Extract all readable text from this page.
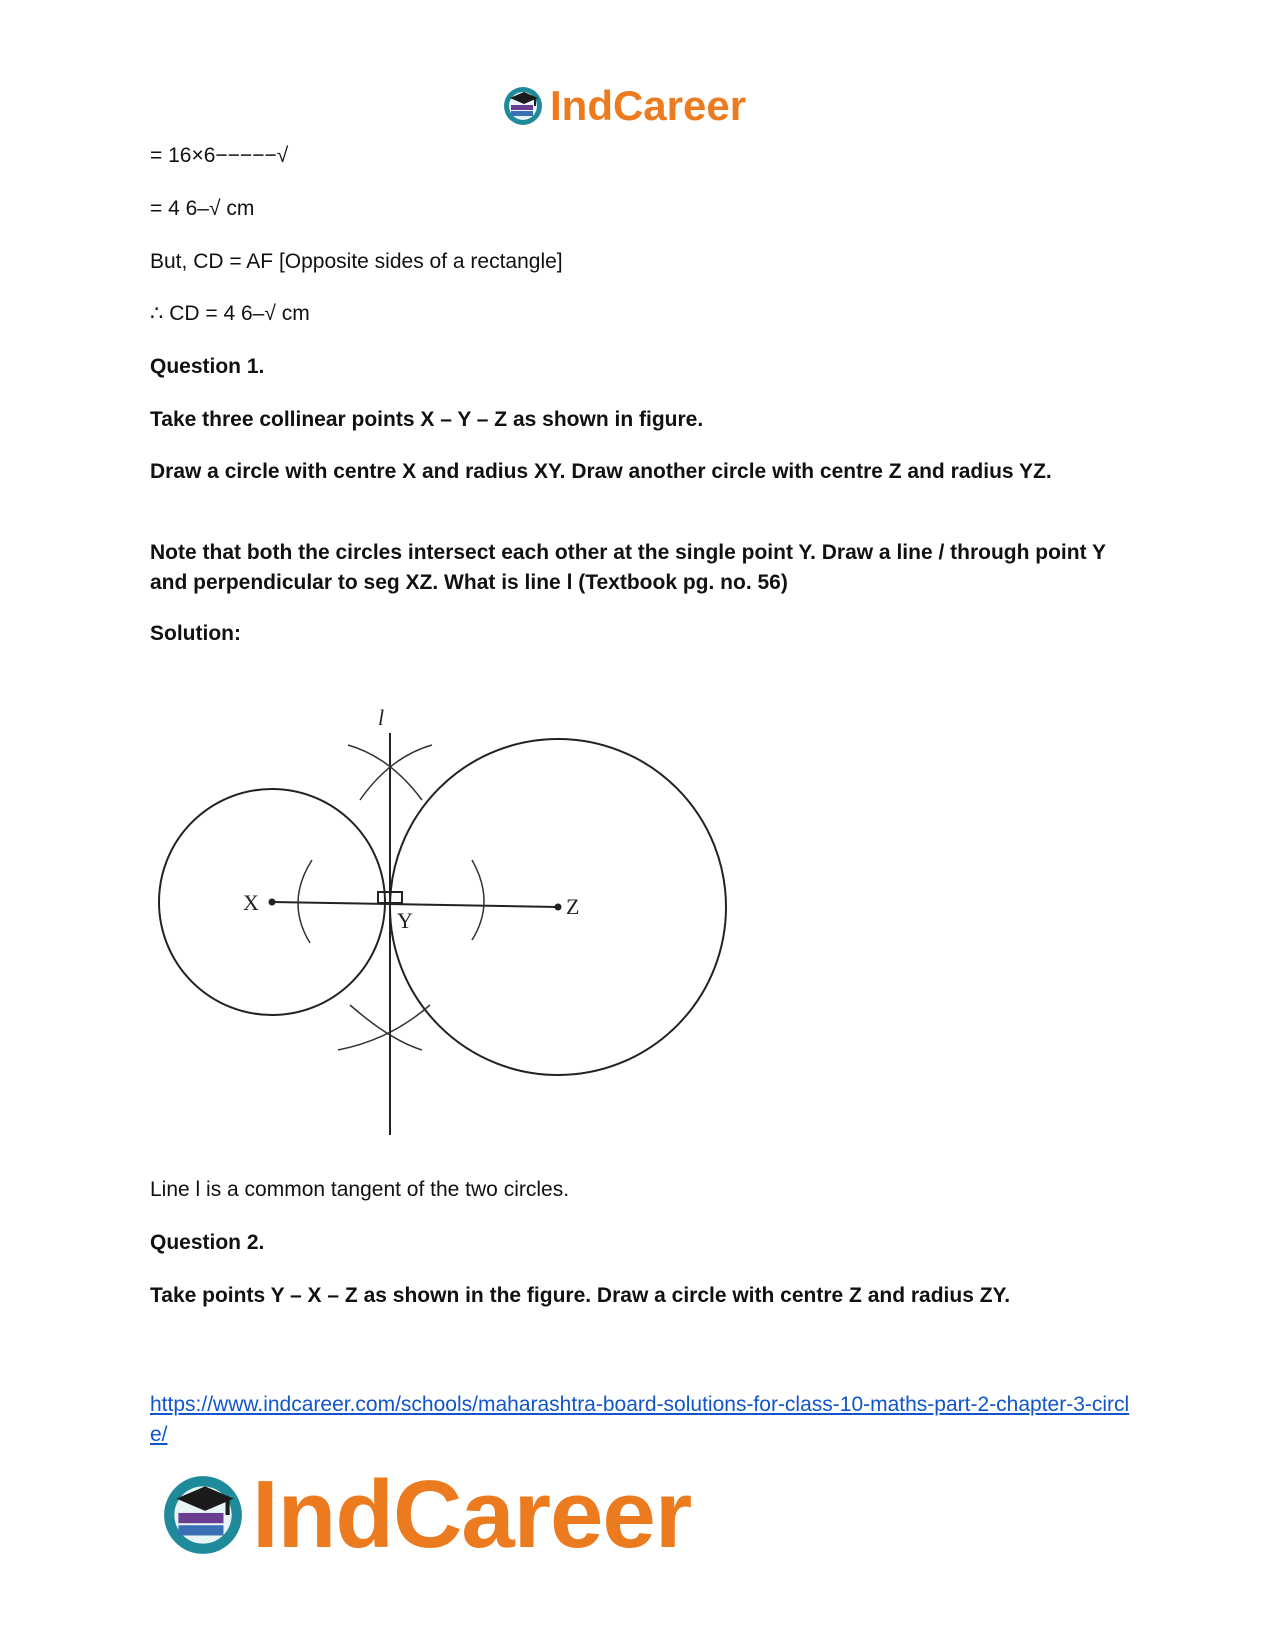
IndCareer

= 16×6−−−−−√

= 4 6–√ cm

But, CD = AF [Opposite sides of a rectangle]

∴ CD = 4 6–√ cm

Question 1.

Take three collinear points X – Y – Z as shown in figure.

Draw a circle with centre X and radius XY. Draw another circle with centre Z and radius YZ.

Note that both the circles intersect each other at the single point Y. Draw a line / through point Y and perpendicular to seg XZ. What is line l (Textbook pg. no. 56)

Solution:

l
X
Y
Z

Line l is a common tangent of the two circles.

Question 2.

Take points Y – X – Z as shown in the figure. Draw a circle with centre Z and radius ZY.

https://www.indcareer.com/schools/maharashtra-board-solutions-for-class-10-maths-part-2-chapter-3-circle/
IndCareer
